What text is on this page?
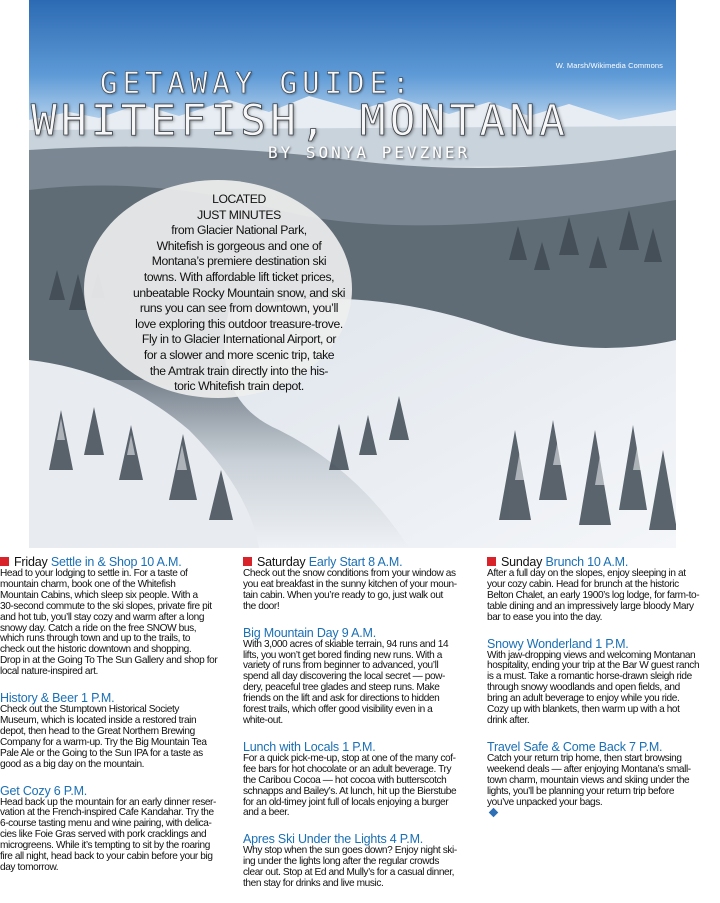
W. Marsh/Wikimedia Commons
GETAWAY GUIDE:
WHITEFISH, MONTANA
BY SONYA PEVZNER
LOCATED
JUST MINUTES
from Glacier National Park,
Whitefish is gorgeous and one of
Montana’s premiere destination ski
towns. With affordable lift ticket prices,
unbeatable Rocky Mountain snow, and ski
runs you can see from downtown, you’ll
love exploring this outdoor treasure-trove.
Fly in to Glacier International Airport, or
for a slower and more scenic trip, take
the Amtrak train directly into the his-
toric Whitefish train depot.

Friday Settle in & Shop 10 A.M.

Head to your lodging to settle in. For a taste of
mountain charm, book one of the Whitefish
Mountain Cabins, which sleep six people. With a
30-second commute to the ski slopes, private fire pit
and hot tub, you’ll stay cozy and warm after a long
snowy day. Catch a ride on the free SNOW bus,
which runs through town and up to the trails, to
check out the historic downtown and shopping.
Drop in at the Going To The Sun Gallery and shop for
local nature-inspired art.

History & Beer 1 P.M.

Check out the Stumptown Historical Society
Museum, which is located inside a restored train
depot, then head to the Great Northern Brewing
Company for a warm-up. Try the Big Mountain Tea
Pale Ale or the Going to the Sun IPA for a taste as
good as a big day on the mountain.

Get Cozy 6 P.M.

Head back up the mountain for an early dinner reser-
vation at the French-inspired Cafe Kandahar. Try the
6-course tasting menu and wine pairing, with delica-
cies like Foie Gras served with pork cracklings and
microgreens. While it’s tempting to sit by the roaring
fire all night, head back to your cabin before your big
day tomorrow.

Saturday Early Start 8 A.M.

Check out the snow conditions from your window as
you eat breakfast in the sunny kitchen of your moun-
tain cabin. When you’re ready to go, just walk out
the door!

Big Mountain Day 9 A.M.

With 3,000 acres of skiable terrain, 94 runs and 14
lifts, you won’t get bored finding new runs. With a
variety of runs from beginner to advanced, you’ll
spend all day discovering the local secret — pow-
dery, peaceful tree glades and steep runs. Make
friends on the lift and ask for directions to hidden
forest trails, which offer good visibility even in a
white-out.

Lunch with Locals 1 P.M.

For a quick pick-me-up, stop at one of the many cof-
fee bars for hot chocolate or an adult beverage. Try
the Caribou Cocoa — hot cocoa with butterscotch
schnapps and Bailey’s. At lunch, hit up the Bierstube
for an old-timey joint full of locals enjoying a burger
and a beer.

Apres Ski Under the Lights 4 P.M.

Why stop when the sun goes down? Enjoy night ski-
ing under the lights long after the regular crowds
clear out. Stop at Ed and Mully’s for a casual dinner,
then stay for drinks and live music.

Sunday Brunch 10 A.M.

After a full day on the slopes, enjoy sleeping in at
your cozy cabin. Head for brunch at the historic
Belton Chalet, an early 1900’s log lodge, for farm-to-
table dining and an impressively large bloody Mary
bar to ease you into the day.

Snowy Wonderland 1 P.M.

With jaw-dropping views and welcoming Montanan
hospitality, ending your trip at the Bar W guest ranch
is a must. Take a romantic horse-drawn sleigh ride
through snowy woodlands and open fields, and
bring an adult beverage to enjoy while you ride.
Cozy up with blankets, then warm up with a hot
drink after.

Travel Safe & Come Back 7 P.M.

Catch your return trip home, then start browsing
weekend deals — after enjoying Montana’s small-
town charm, mountain views and skiing under the
lights, you’ll be planning your return trip before
you’ve unpacked your bags.
